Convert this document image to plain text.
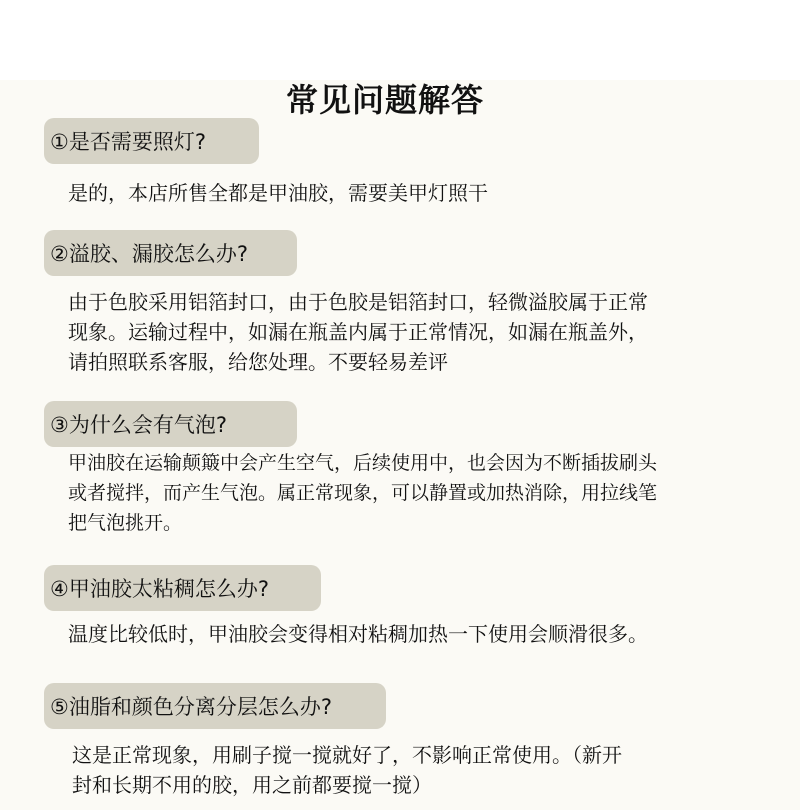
常见问题解答
①是否需要照灯?
是的，本店所售全都是甲油胶，需要美甲灯照干
②溢胶、漏胶怎么办?
由于色胶采用铝箔封口，由于色胶是铝箔封口，轻微溢胶属于正常
现象。运输过程中，如漏在瓶盖内属于正常情况，如漏在瓶盖外，
请拍照联系客服，给您处理。不要轻易差评
③为什么会有气泡?
甲油胶在运输颠簸中会产生空气，后续使用中，也会因为不断插拔刷头
或者搅拌，而产生气泡。属正常现象，可以静置或加热消除，用拉线笔
把气泡挑开。
④甲油胶太粘稠怎么办?
温度比较低时，甲油胶会变得相对粘稠加热一下使用会顺滑很多。
⑤油脂和颜色分离分层怎么办?
这是正常现象，用刷子搅一搅就好了，不影响正常使用。（新开
封和长期不用的胶，用之前都要搅一搅）
